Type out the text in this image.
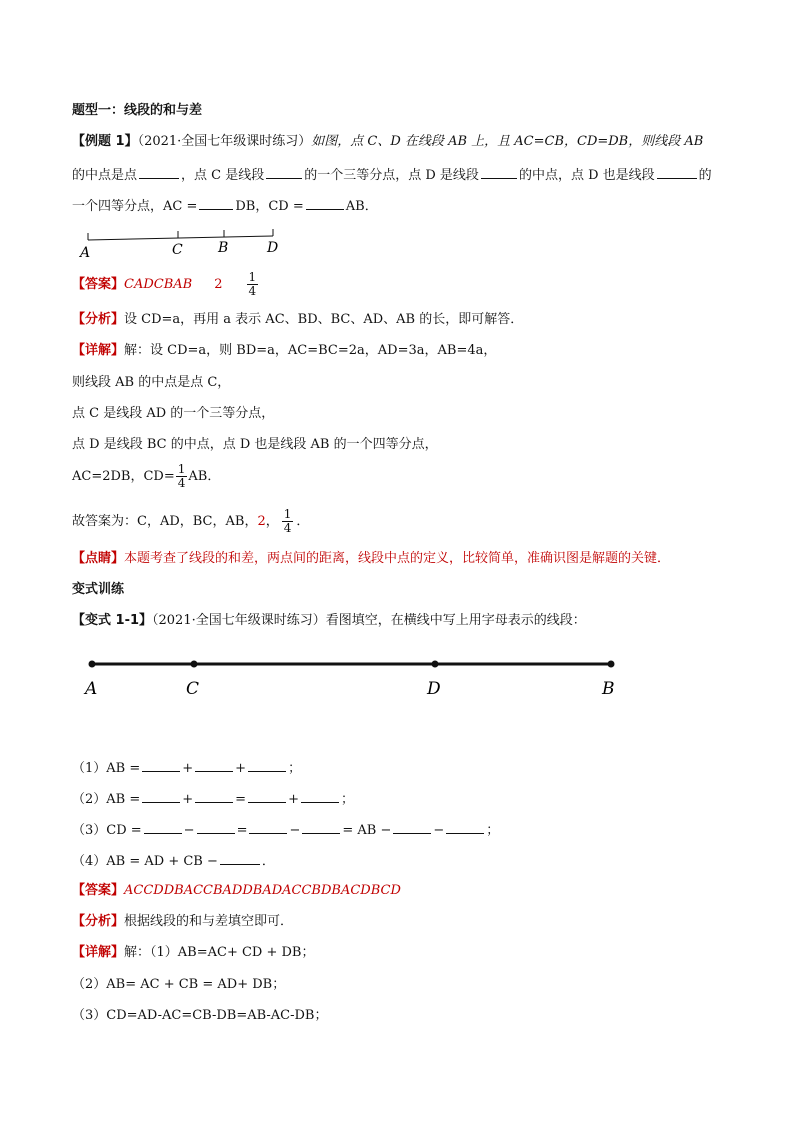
题型一：线段的和与差
【例题 1】（2021·全国七年级课时练习）如图，点 C、D 在线段 AB 上，且 AC=CB，CD=DB，则线段 AB
的中点是点	，点 C 是线段	的一个三等分点，点 D 是线段	的中点，点 D 也是线段	的
一个四等分点，AC =	DB，CD =	AB．
A	C	B	D
【答案】CADCBAB $2 \frac{1}{4}$
【分析】设 CD=a，再用 a 表示 AC、BD、BC、AD、AB 的长，即可解答．
【详解】解：设 CD=a，则 BD=a，AC=BC=2a，AD=3a，AB=4a，
则线段 AB 的中点是点 C，
点 C 是线段 AD 的一个三等分点，
点 D 是线段 BC 的中点，点 D 也是线段 AB 的一个四等分点，
AC=2DB，$CD= \frac{1}{4}$ AB．
故答案为：C，AD，BC，AB，2， $\frac{1}{4}$ ．
【点睛】本题考查了线段的和差，两点间的距离，线段中点的定义，比较简单，准确识图是解题的关键．
变式训练
【变式 1-1】（2021·全国七年级课时练习）看图填空，在横线中写上用字母表示的线段：
A	C	D	B
（1）AB =	+	+	；
（2）AB =	+	=	+	；
（3）CD =	−	=	−	= AB −	−	；
（4）AB = AD + CB −	．
【答案】ACCDDBACCBADDBADACCBDBACDBCD
【分析】根据线段的和与差填空即可．
【详解】解：（1）AB=AC+ CD + DB；
（2）AB= AC + CB = AD+ DB；
（3）CD=AD-AC=CB-DB=AB-AC-DB；
